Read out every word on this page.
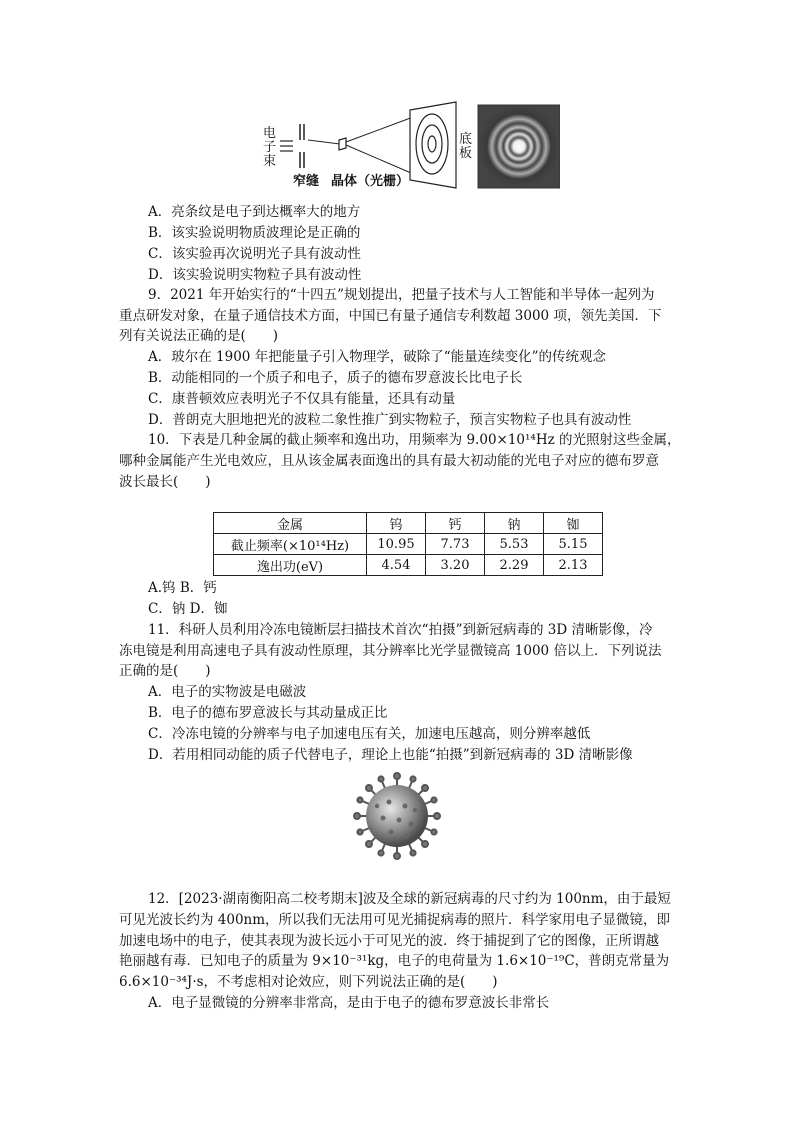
电
子
束
底
板
窄缝 晶体（光栅）
A．亮条纹是电子到达概率大的地方
B．该实验说明物质波理论是正确的
C．该实验再次说明光子具有波动性
D．该实验说明实物粒子具有波动性
9．2021 年开始实行的“十四五”规划提出，把量子技术与人工智能和半导体一起列为
重点研发对象，在量子通信技术方面，中国已有量子通信专利数超 3000 项，领先美国．下
列有关说法正确的是(　　)
A．玻尔在 1900 年把能量子引入物理学，破除了“能量连续变化”的传统观念
B．动能相同的一个质子和电子，质子的德布罗意波长比电子长
C．康普顿效应表明光子不仅具有能量，还具有动量
D．普朗克大胆地把光的波粒二象性推广到实物粒子，预言实物粒子也具有波动性
10．下表是几种金属的截止频率和逸出功，用频率为 9.00×10¹⁴Hz 的光照射这些金属，
哪种金属能产生光电效应，且从该金属表面逸出的具有最大初动能的光电子对应的德布罗意
波长最长(　　)
金属	钨	钙	钠	铷
截止频率(×10¹⁴Hz)	10.95	7.73	5.53	5.15
逸出功(eV)	4.54	3.20	2.29	2.13
A.钨 B．钙
C．钠 D．铷
11．科研人员利用冷冻电镜断层扫描技术首次“拍摄”到新冠病毒的 3D 清晰影像，冷
冻电镜是利用高速电子具有波动性原理，其分辨率比光学显微镜高 1000 倍以上．下列说法
正确的是(　　)
A．电子的实物波是电磁波
B．电子的德布罗意波长与其动量成正比
C．冷冻电镜的分辨率与电子加速电压有关，加速电压越高，则分辨率越低
D．若用相同动能的质子代替电子，理论上也能“拍摄”到新冠病毒的 3D 清晰影像
12．[2023·湖南衡阳高二校考期末]波及全球的新冠病毒的尺寸约为 100nm，由于最短
可见光波长约为 400nm，所以我们无法用可见光捕捉病毒的照片．科学家用电子显微镜，即
加速电场中的电子，使其表现为波长远小于可见光的波．终于捕捉到了它的图像，正所谓越
艳丽越有毒．已知电子的质量为 9×10⁻³¹kg，电子的电荷量为 1.6×10⁻¹⁹C，普朗克常量为
6.6×10⁻³⁴J·s，不考虑相对论效应，则下列说法正确的是(　　)
A．电子显微镜的分辨率非常高，是由于电子的德布罗意波长非常长
